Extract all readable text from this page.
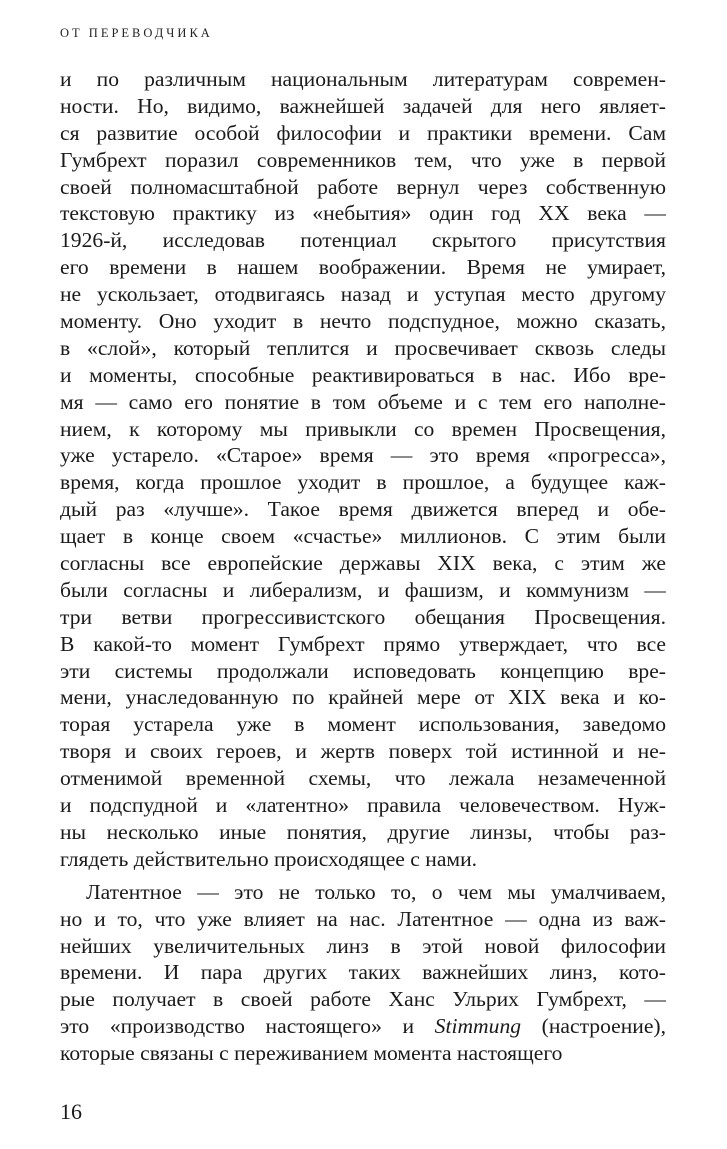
ОТ ПЕРЕВОДЧИКА
и по различным национальным литературам современ-
ности. Но, видимо, важнейшей задачей для него являет-
ся развитие особой философии и практики времени. Сам
Гумбрехт поразил современников тем, что уже в первой
своей полномасштабной работе вернул через собственную
текстовую практику из «небытия» один год XX века —
1926-й, исследовав потенциал скрытого присутствия
его времени в нашем воображении. Время не умирает,
не ускользает, отодвигаясь назад и уступая место другому
моменту. Оно уходит в нечто подспудное, можно сказать,
в «слой», который теплится и просвечивает сквозь следы
и моменты, способные реактивироваться в нас. Ибо вре-
мя — само его понятие в том объеме и с тем его наполне-
нием, к которому мы привыкли со времен Просвещения,
уже устарело. «Старое» время — это время «прогресса»,
время, когда прошлое уходит в прошлое, а будущее каж-
дый раз «лучше». Такое время движется вперед и обе-
щает в конце своем «счастье» миллионов. С этим были
согласны все европейские державы XIX века, с этим же
были согласны и либерализм, и фашизм, и коммунизм —
три ветви прогрессивистского обещания Просвещения.
В какой-то момент Гумбрехт прямо утверждает, что все
эти системы продолжали исповедовать концепцию вре-
мени, унаследованную по крайней мере от XIX века и ко-
торая устарела уже в момент использования, заведомо
творя и своих героев, и жертв поверх той истинной и не-
отменимой временной схемы, что лежала незамеченной
и подспудной и «латентно» правила человечеством. Нуж-
ны несколько иные понятия, другие линзы, чтобы раз-
глядеть действительно происходящее с нами.
Латентное — это не только то, о чем мы умалчиваем,
но и то, что уже влияет на нас. Латентное — одна из важ-
нейших увеличительных линз в этой новой философии
времени. И пара других таких важнейших линз, кото-
рые получает в своей работе Ханс Ульрих Гумбрехт, —
это «производство настоящего» и Stimmung (настроение),
которые связаны с переживанием момента настоящего
16
